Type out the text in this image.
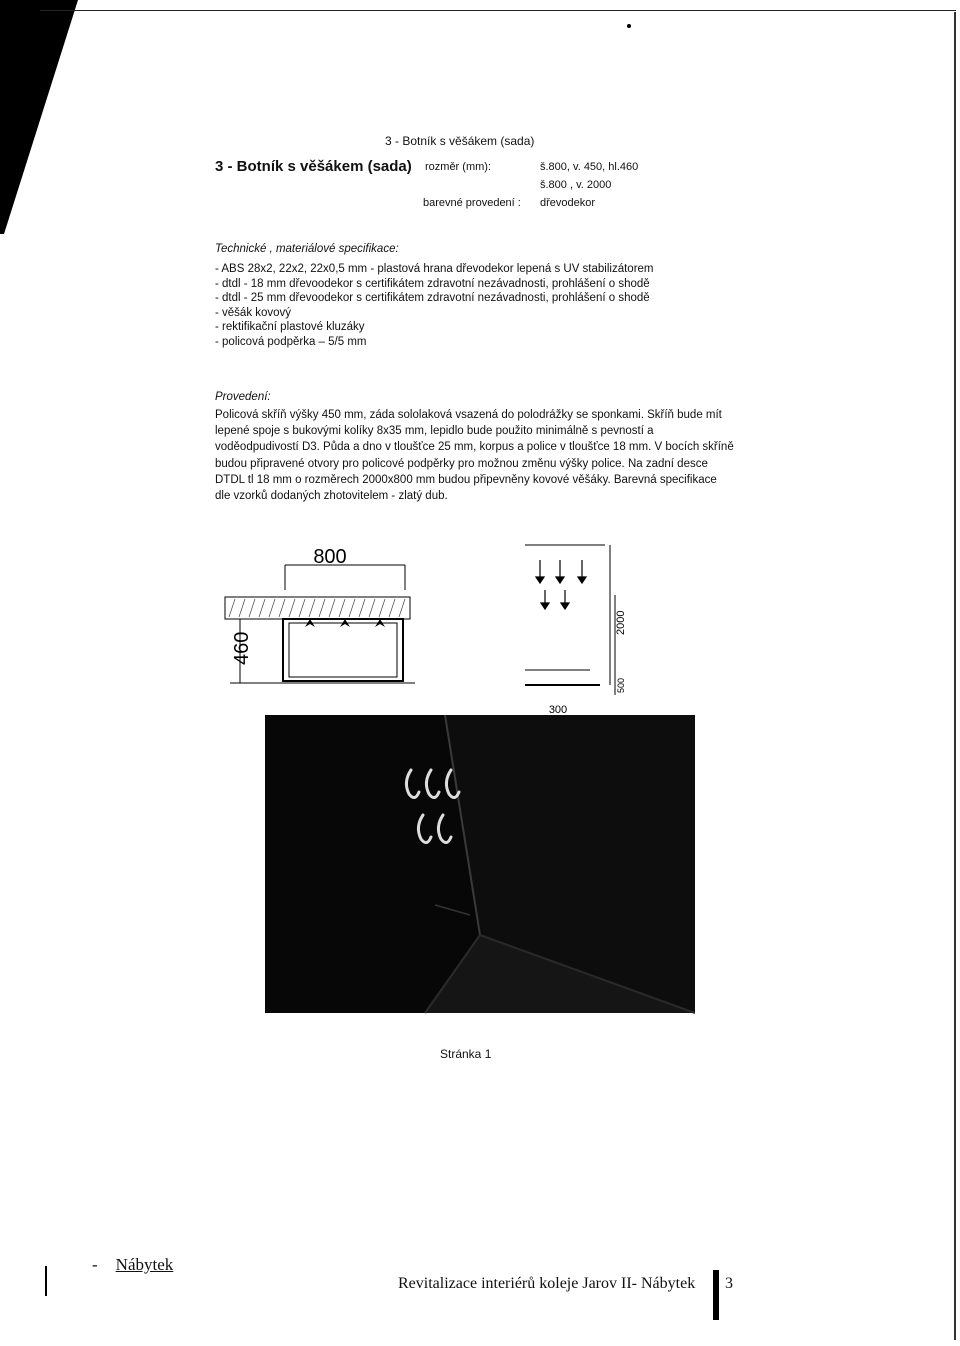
3 - Botník s věšákem (sada)
3 - Botník s věšákem (sada) rozměr (mm):	š.800, v. 450, hl.460
š.800 , v. 2000
barevné provedení : dřevodekor
Technické , materiálové specifikace:
- ABS 28x2, 22x2, 22x0,5 mm - plastová hrana dřevodekor lepená s UV stabilizátorem
- dtdl - 18 mm dřevoodekor s certifikátem zdravotní nezávadnosti, prohlášení o shodě
- dtdl - 25 mm dřevoodekor s certifikátem zdravotní nezávadnosti, prohlášení o shodě
- věšák kovový
- rektifikační plastové kluzáky
- policová podpěrka – 5/5 mm
Provedení:

Policová skříň výšky 450 mm, záda sololaková vsazená do polodrážky se sponkami. Skříň bude mít lepené spoje s bukovými kolíky 8x35 mm, lepidlo bude použito minimálně s pevností a voděodpudivostí D3. Půda a dno v tloušťce 25 mm, korpus a police v tloušťce 18 mm. V bocích skříně budou připravené otvory pro policové podpěrky pro možnou změnu výšky police. Na zadní desce DTDL tl 18 mm o rozměrech 2000x800 mm budou připevněny kovové věšáky. Barevná specifikace dle vzorků dodaných zhotovitelem - zlatý dub.

800
460
2000
500
300
Stránka 1
- Nábytek
Revitalizace interiérů koleje Jarov II- Nábytek 3
